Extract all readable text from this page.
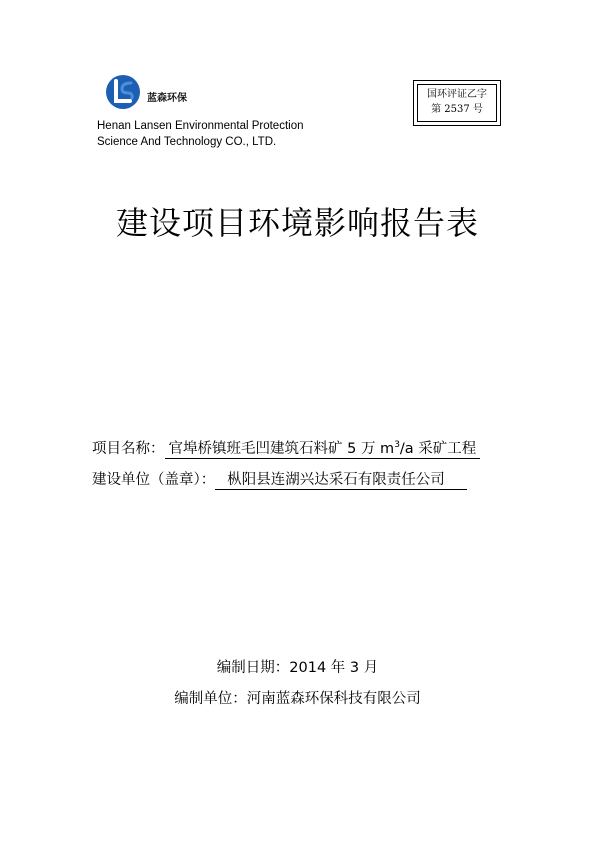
蓝森环保
Henan Lansen Environmental Protection
Science And Technology CO., LTD.
国环评证乙字
第 2537 号
建设项目环境影响报告表
项目名称： 官埠桥镇班毛凹建筑石料矿 5 万 $m^3/a$ 采矿工程
建设单位（盖章）： 枞阳县连湖兴达采石有限责任公司
编制日期：2014 年 3 月
编制单位：河南蓝森环保科技有限公司
